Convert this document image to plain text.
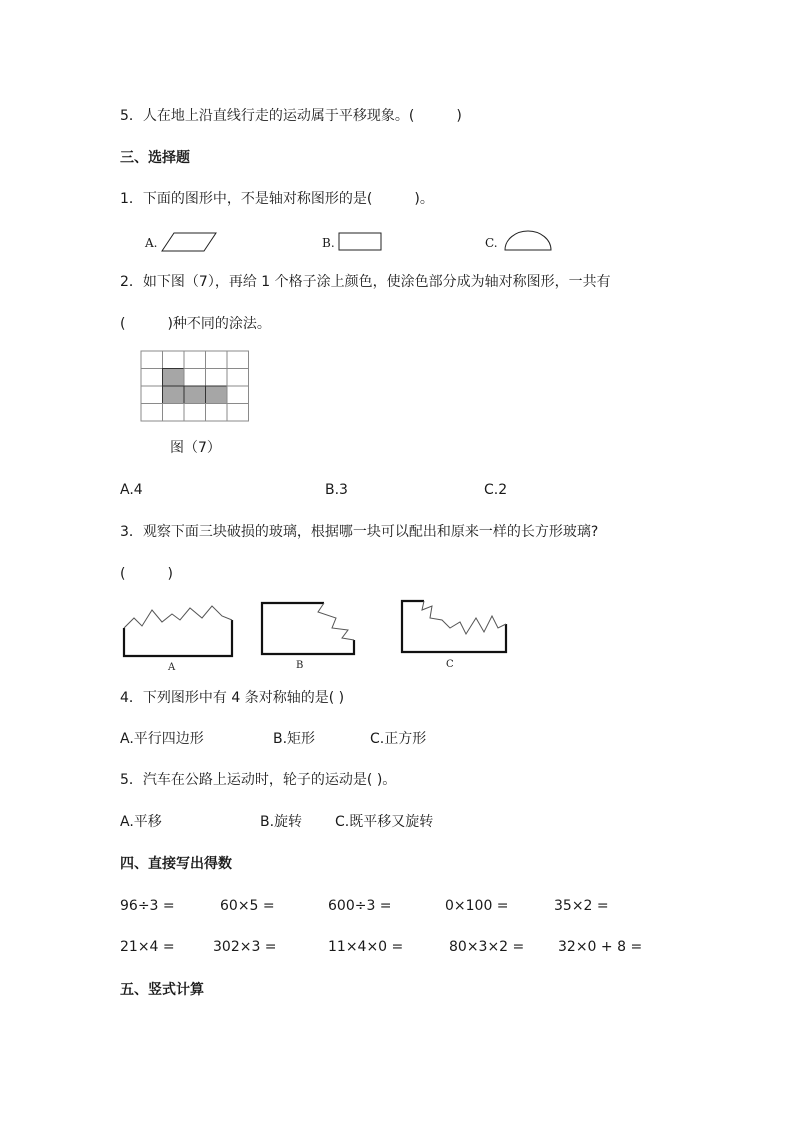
5．人在地上沿直线行走的运动属于平移现象。(　　　)
三、选择题
1．下面的图形中，不是轴对称图形的是(　　　)。
A.	B.	C.
2．如下图（7），再给 1 个格子涂上颜色，使涂色部分成为轴对称图形，一共有
(　　　)种不同的涂法。
图（7）
A.4	B.3	C.2
3．观察下面三块破损的玻璃，根据哪一块可以配出和原来一样的长方形玻璃?
(　　　)
A	B	C
4．下列图形中有 4 条对称轴的是( )
A.平行四边形	B.矩形	C.正方形
5．汽车在公路上运动时，轮子的运动是( )。
A.平移	B.旋转 C.既平移又旋转
四、直接写出得数
96÷3 =	60×5 =	600÷3 =	0×100 =	35×2 =
21×4 =	302×3 =	11×4×0 =	80×3×2 = 32×0 + 8 =
五、竖式计算
